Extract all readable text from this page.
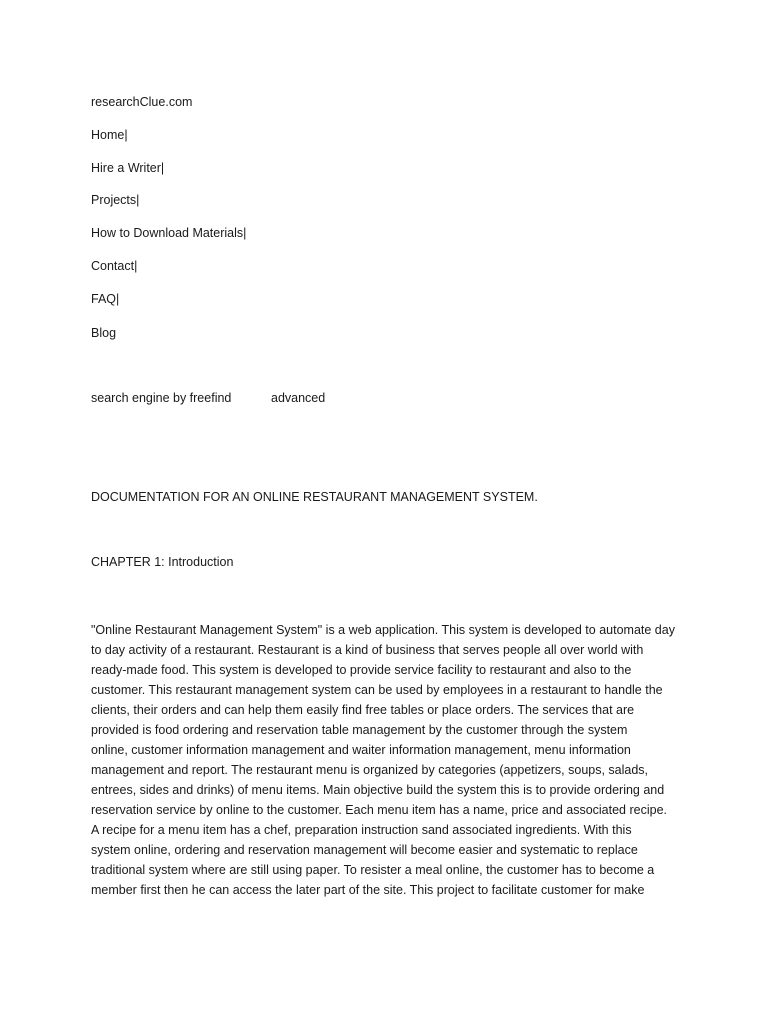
researchClue.com
Home|
Hire a Writer|
Projects|
How to Download Materials|
Contact|
FAQ|
Blog
search engine by freefind	advanced
DOCUMENTATION FOR AN ONLINE RESTAURANT MANAGEMENT SYSTEM.
CHAPTER 1: Introduction
"Online Restaurant Management System" is a web application. This system is developed to automate day
to day activity of a restaurant. Restaurant is a kind of business that serves people all over world with
ready-made food. This system is developed to provide service facility to restaurant and also to the
customer. This restaurant management system can be used by employees in a restaurant to handle the
clients, their orders and can help them easily find free tables or place orders. The services that are
provided is food ordering and reservation table management by the customer through the system
online, customer information management and waiter information management, menu information
management and report. The restaurant menu is organized by categories (appetizers, soups, salads,
entrees, sides and drinks) of menu items. Main objective build the system this is to provide ordering and
reservation service by online to the customer. Each menu item has a name, price and associated recipe.
A recipe for a menu item has a chef, preparation instruction sand associated ingredients. With this
system online, ordering and reservation management will become easier and systematic to replace
traditional system where are still using paper. To resister a meal online, the customer has to become a
member first then he can access the later part of the site. This project to facilitate customer for make
